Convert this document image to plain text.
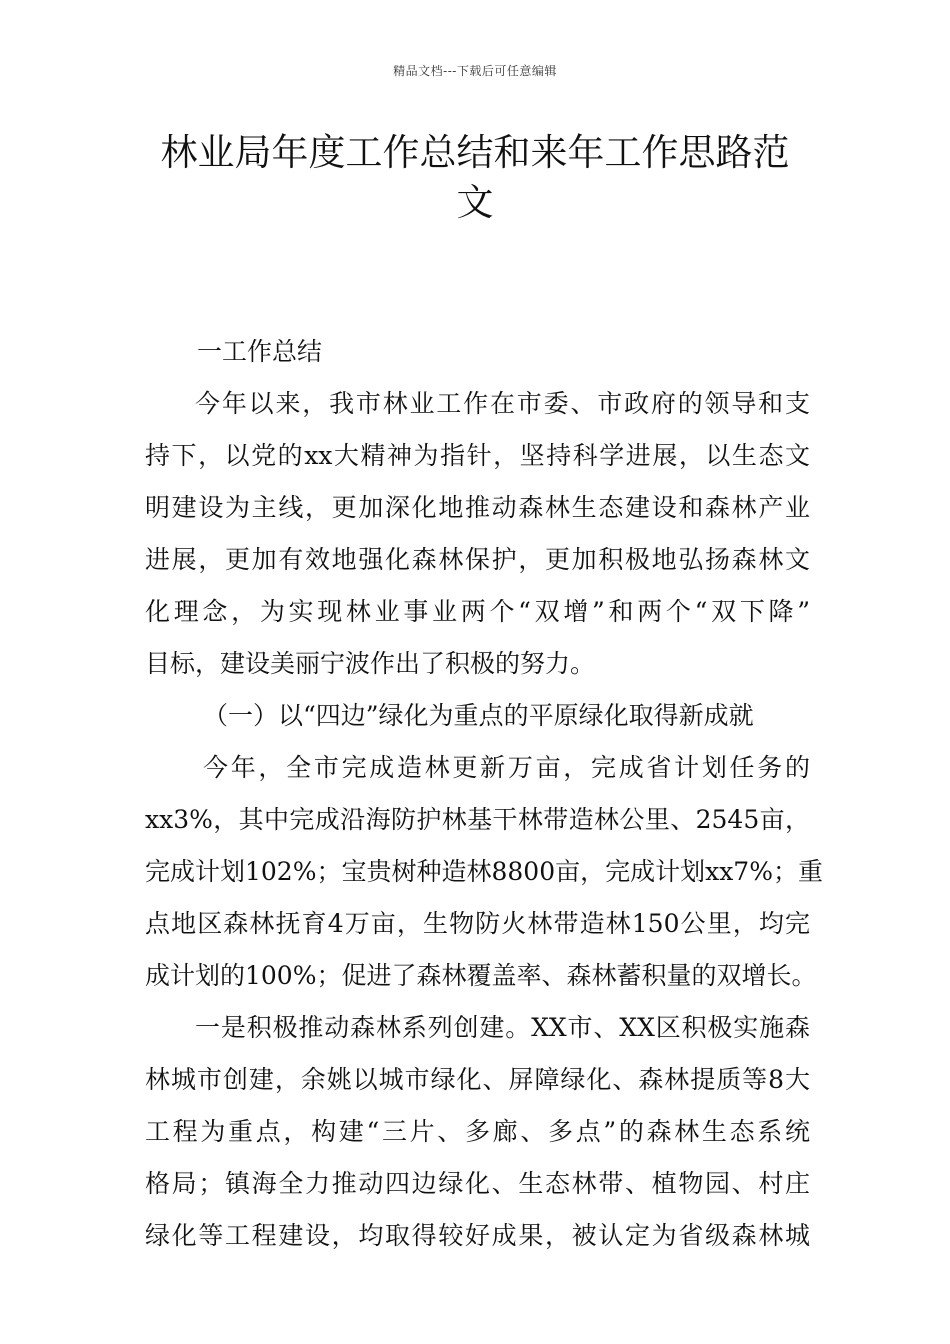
精品文档---下载后可任意编辑
林业局年度工作总结和来年工作思路范
文
一工作总结
今年以来，我市林业工作在市委、市政府的领导和支
持下，以党的xx大精神为指针，坚持科学进展，以生态文
明建设为主线，更加深化地推动森林生态建设和森林产业
进展，更加有效地强化森林保护，更加积极地弘扬森林文
化理念，为实现林业事业两个“双增”和两个“双下降”
目标，建设美丽宁波作出了积极的努力。
（一）以“四边”绿化为重点的平原绿化取得新成就
今年，全市完成造林更新万亩，完成省计划任务的
xx3%，其中完成沿海防护林基干林带造林公里、2545亩，
完成计划102%；宝贵树种造林8800亩，完成计划xx7%；重
点地区森林抚育4万亩，生物防火林带造林150公里，均完
成计划的100%；促进了森林覆盖率、森林蓄积量的双增长。
一是积极推动森林系列创建。XX市、XX区积极实施森
林城市创建，余姚以城市绿化、屏障绿化、森林提质等8大
工程为重点，构建“三片、多廊、多点”的森林生态系统
格局；镇海全力推动四边绿化、生态林带、植物园、村庄
绿化等工程建设，均取得较好成果，被认定为省级森林城
